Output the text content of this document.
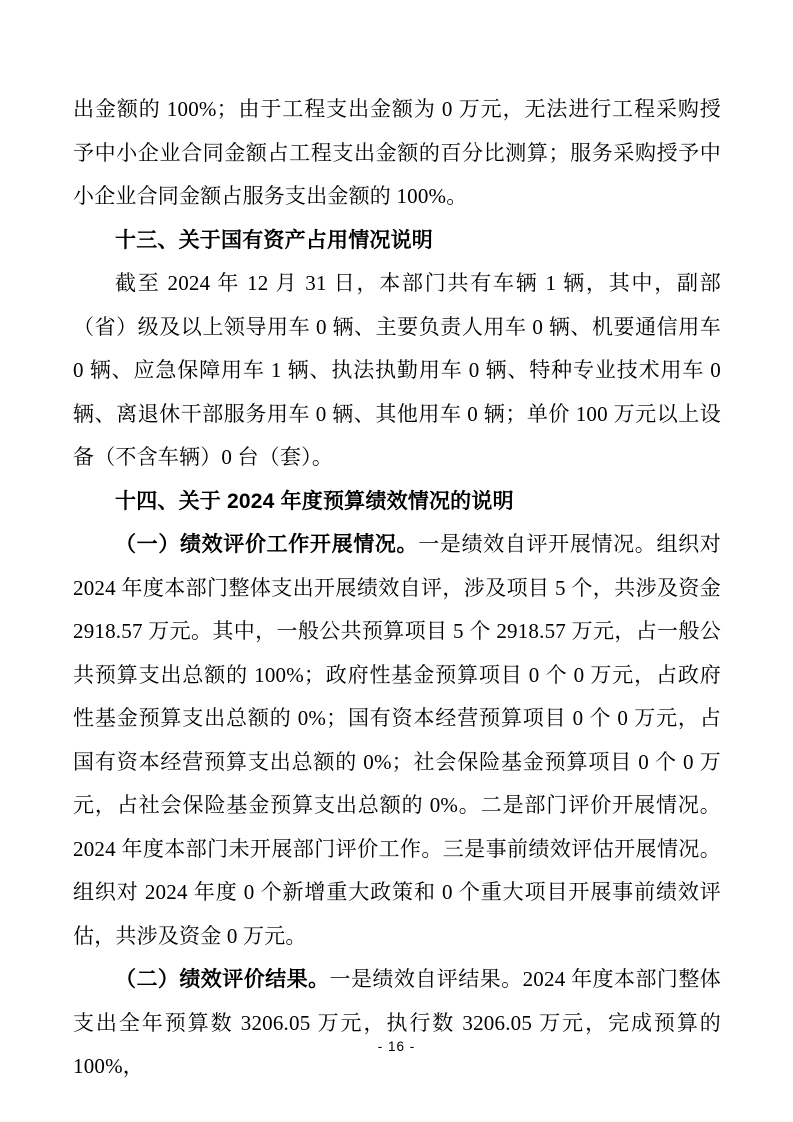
出金额的 100%；由于工程支出金额为 0 万元，无法进行工程采购授予中小企业合同金额占工程支出金额的百分比测算；服务采购授予中小企业合同金额占服务支出金额的 100%。

十三、关于国有资产占用情况说明

截至 2024 年 12 月 31 日，本部门共有车辆 1 辆，其中，副部（省）级及以上领导用车 0 辆、主要负责人用车 0 辆、机要通信用车 0 辆、应急保障用车 1 辆、执法执勤用车 0 辆、特种专业技术用车 0 辆、离退休干部服务用车 0 辆、其他用车 0 辆；单价 100 万元以上设备（不含车辆）0 台（套）。

十四、关于 2024 年度预算绩效情况的说明

（一）绩效评价工作开展情况。一是绩效自评开展情况。组织对 2024 年度本部门整体支出开展绩效自评，涉及项目 5 个，共涉及资金 2918.57 万元。其中，一般公共预算项目 5 个 2918.57 万元，占一般公共预算支出总额的 100%；政府性基金预算项目 0 个 0 万元，占政府性基金预算支出总额的 0%；国有资本经营预算项目 0 个 0 万元，占国有资本经营预算支出总额的 0%；社会保险基金预算项目 0 个 0 万元，占社会保险基金预算支出总额的 0%。二是部门评价开展情况。2024 年度本部门未开展部门评价工作。三是事前绩效评估开展情况。组织对 2024 年度 0 个新增重大政策和 0 个重大项目开展事前绩效评估，共涉及资金 0 万元。

（二）绩效评价结果。一是绩效自评结果。2024 年度本部门整体支出全年预算数 3206.05 万元，执行数 3206.05 万元，完成预算的 100%，

- 16 -
